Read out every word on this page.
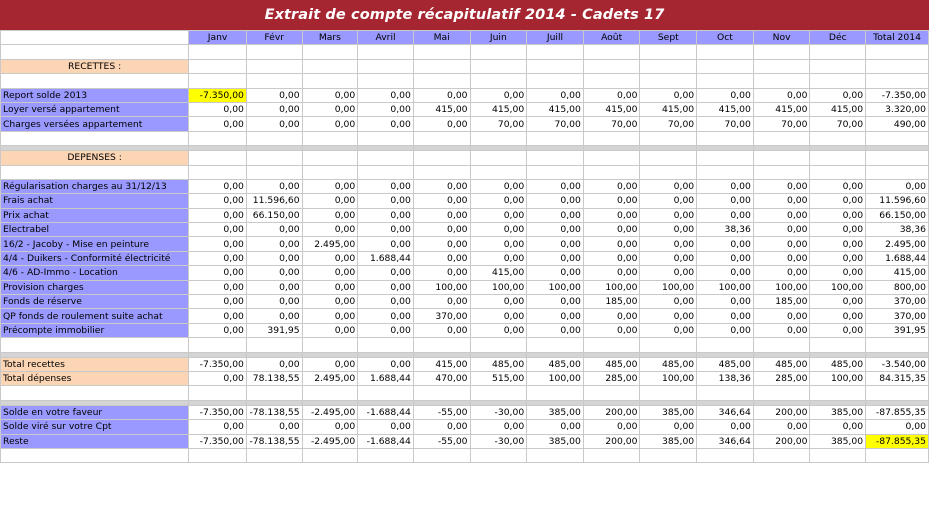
Extrait de compte récapitulatif 2014 - Cadets 17
	Janv	Févr	Mars	Avril	Mai	Juin	Juill	Août	Sept	Oct	Nov	Déc	Total 2014

RECETTES :													

Report solde 2013	-7.350,00	0,00	0,00	0,00	0,00	0,00	0,00	0,00	0,00	0,00	0,00	0,00	-7.350,00
Loyer versé appartement	0,00	0,00	0,00	0,00	415,00	415,00	415,00	415,00	415,00	415,00	415,00	415,00	3.320,00
Charges versées appartement	0,00	0,00	0,00	0,00	0,00	70,00	70,00	70,00	70,00	70,00	70,00	70,00	490,00

DEPENSES :													

Régularisation charges au 31/12/13	0,00	0,00	0,00	0,00	0,00	0,00	0,00	0,00	0,00	0,00	0,00	0,00	0,00
Frais achat	0,00	11.596,60	0,00	0,00	0,00	0,00	0,00	0,00	0,00	0,00	0,00	0,00	11.596,60
Prix achat	0,00	66.150,00	0,00	0,00	0,00	0,00	0,00	0,00	0,00	0,00	0,00	0,00	66.150,00
Electrabel	0,00	0,00	0,00	0,00	0,00	0,00	0,00	0,00	0,00	38,36	0,00	0,00	38,36
16/2 - Jacoby - Mise en peinture	0,00	0,00	2.495,00	0,00	0,00	0,00	0,00	0,00	0,00	0,00	0,00	0,00	2.495,00
4/4 - Duikers - Conformité électricité	0,00	0,00	0,00	1.688,44	0,00	0,00	0,00	0,00	0,00	0,00	0,00	0,00	1.688,44
4/6 - AD-Immo - Location	0,00	0,00	0,00	0,00	0,00	415,00	0,00	0,00	0,00	0,00	0,00	0,00	415,00
Provision charges	0,00	0,00	0,00	0,00	100,00	100,00	100,00	100,00	100,00	100,00	100,00	100,00	800,00
Fonds de réserve	0,00	0,00	0,00	0,00	0,00	0,00	0,00	185,00	0,00	0,00	185,00	0,00	370,00
QP fonds de roulement suite achat	0,00	0,00	0,00	0,00	370,00	0,00	0,00	0,00	0,00	0,00	0,00	0,00	370,00
Précompte immobilier	0,00	391,95	0,00	0,00	0,00	0,00	0,00	0,00	0,00	0,00	0,00	0,00	391,95

Total recettes	-7.350,00	0,00	0,00	0,00	415,00	485,00	485,00	485,00	485,00	485,00	485,00	485,00	-3.540,00
Total dépenses	0,00	78.138,55	2.495,00	1.688,44	470,00	515,00	100,00	285,00	100,00	138,36	285,00	100,00	84.315,35

Solde en votre faveur	-7.350,00	-78.138,55	-2.495,00	-1.688,44	-55,00	-30,00	385,00	200,00	385,00	346,64	200,00	385,00	-87.855,35
Solde viré sur votre Cpt	0,00	0,00	0,00	0,00	0,00	0,00	0,00	0,00	0,00	0,00	0,00	0,00	0,00
Reste	-7.350,00	-78.138,55	-2.495,00	-1.688,44	-55,00	-30,00	385,00	200,00	385,00	346,64	200,00	385,00	-87.855,35
